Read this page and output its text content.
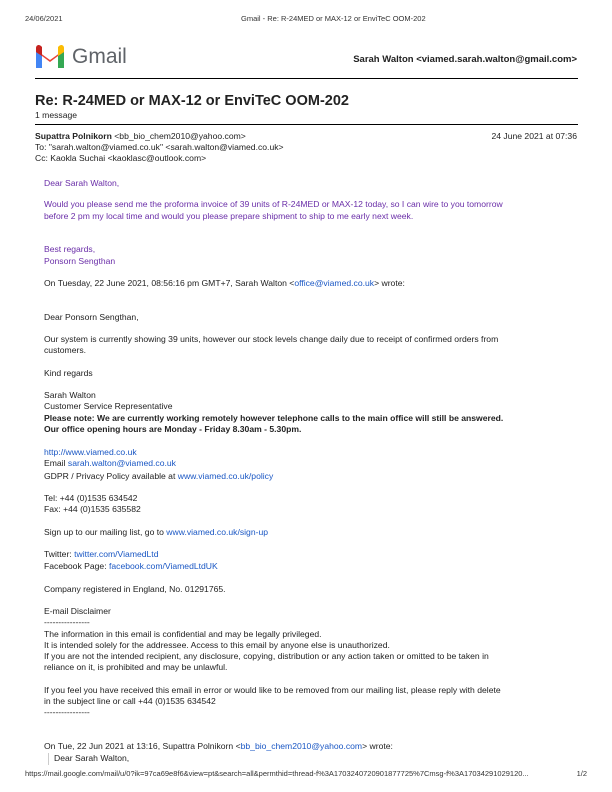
24/06/2021	Gmail - Re: R-24MED or MAX-12 or EnviTeC OOM-202
Gmail	Sarah Walton <viamed.sarah.walton@gmail.com>
Re: R-24MED or MAX-12 or EnviTeC OOM-202
1 message
Supattra Polnikorn <bb_bio_chem2010@yahoo.com>	24 June 2021 at 07:36
To: "sarah.walton@viamed.co.uk" <sarah.walton@viamed.co.uk>
Cc: Kaokla Suchai <kaoklasc@outlook.com>
Dear Sarah Walton,
Would you please send me the proforma invoice of 39 units of R-24MED or MAX-12 today, so I can wire to you tomorrow
before 2 pm my local time and would you please prepare shipment to ship to me early next week.
Best regards,
Ponsorn Sengthan
On Tuesday, 22 June 2021, 08:56:16 pm GMT+7, Sarah Walton <office@viamed.co.uk> wrote:
Dear Ponsorn Sengthan,
Our system is currently showing 39 units, however our stock levels change daily due to receipt of confirmed orders from
customers.
Kind regards
Sarah Walton
Customer Service Representative
Please note: We are currently working remotely however telephone calls to the main office will still be answered.
Our office opening hours are Monday - Friday 8.30am - 5.30pm.
http://www.viamed.co.uk
Email sarah.walton@viamed.co.uk
GDPR / Privacy Policy available at www.viamed.co.uk/policy
Tel: +44 (0)1535 634542
Fax: +44 (0)1535 635582
Sign up to our mailing list, go to www.viamed.co.uk/sign-up
Twitter: twitter.com/ViamedLtd
Facebook Page: facebook.com/ViamedLtdUK
Company registered in England, No. 01291765.
E-mail Disclaimer
----------------
The information in this email is confidential and may be legally privileged.
It is intended solely for the addressee. Access to this email by anyone else is unauthorized.
If you are not the intended recipient, any disclosure, copying, distribution or any action taken or omitted to be taken in
reliance on it, is prohibited and may be unlawful.
If you feel you have received this email in error or would like to be removed from our mailing list, please reply with delete
in the subject line or call +44 (0)1535 634542
----------------
On Tue, 22 Jun 2021 at 13:16, Supattra Polnikorn <bb_bio_chem2010@yahoo.com> wrote:
Dear Sarah Walton,
https://mail.google.com/mail/u/0?ik=97ca69e8f6&view=pt&search=all&permthid=thread-f%3A1703240720901877725%7Cmsg-f%3A17034291029120...	1/2
